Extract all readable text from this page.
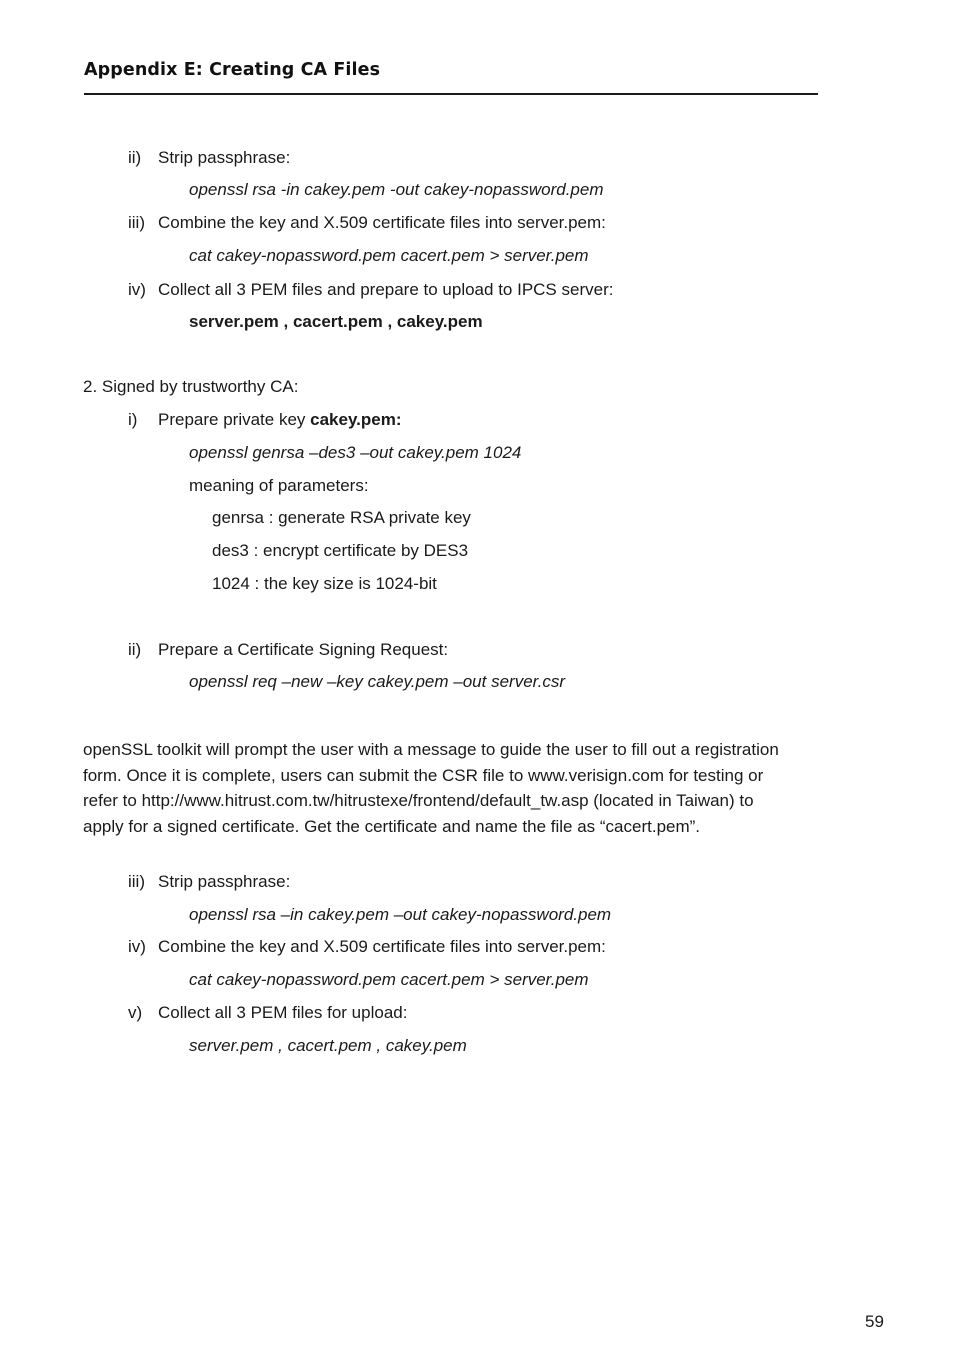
Appendix E: Creating CA Files
ii) Strip passphrase:
openssl rsa -in cakey.pem -out cakey-nopassword.pem
iii) Combine the key and X.509 certificate files into server.pem:
cat cakey-nopassword.pem cacert.pem > server.pem
iv) Collect all 3 PEM files and prepare to upload to IPCS server:
server.pem , cacert.pem , cakey.pem
2. Signed by trustworthy CA:
i) Prepare private key cakey.pem:
openssl genrsa –des3 –out cakey.pem 1024
meaning of parameters:
genrsa : generate RSA private key
des3 : encrypt certificate by DES3
1024 : the key size is 1024-bit
ii) Prepare a Certificate Signing Request:
openssl req –new –key cakey.pem –out server.csr
openSSL toolkit will prompt the user with a message to guide the user to fill out a registration
form. Once it is complete, users can submit the CSR file to www.verisign.com for testing or
refer to http://www.hitrust.com.tw/hitrustexe/frontend/default_tw.asp (located in Taiwan) to
apply for a signed certificate. Get the certificate and name the file as “cacert.pem”.
iii) Strip passphrase:
openssl rsa –in cakey.pem –out cakey-nopassword.pem
iv) Combine the key and X.509 certificate files into server.pem:
cat cakey-nopassword.pem cacert.pem > server.pem
v) Collect all 3 PEM files for upload:
server.pem , cacert.pem , cakey.pem
59
